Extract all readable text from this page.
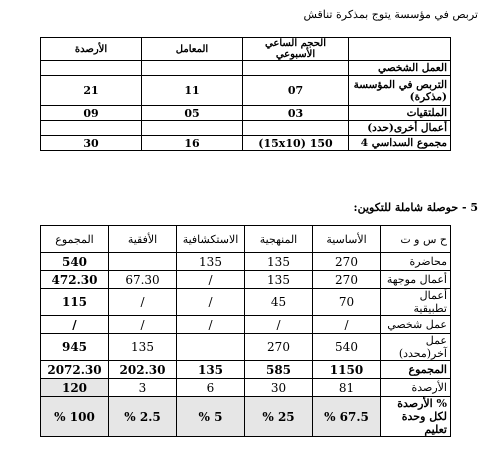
تربص في مؤسسة يتوج بمذكرة تناقش
	الحجم الساعي الأسبوعي	المعامل	الأرصدة
العمل الشخصي			
التربص في المؤسسة (مذكرة)	07	11	21
الملتقيات	03	05	09
أعمال أخرى(حدد)			
مجموع السداسي 4	150 (15x10)	16	30
5 - حوصلة شاملة للتكوين:
ح س و ت	الأساسية	المنهجية	الاستكشافية	الأفقية	المجموع
محاضرة	270	135	135		540
أعمال موجهة	270	135	/	67.30	472.30
أعمال تطبيقية	70	45	/	/	115
عمل شخصي	/	/	/	/	/
عمل آخر(محدد)	540	270		135	945
المجموع	1150	585	135	202.30	2072.30
الأرصدة	81	30	6	3	120
% الأرصدة لكل وحدة تعليم	67.5 %	25 %	5 %	2.5 %	100 %
